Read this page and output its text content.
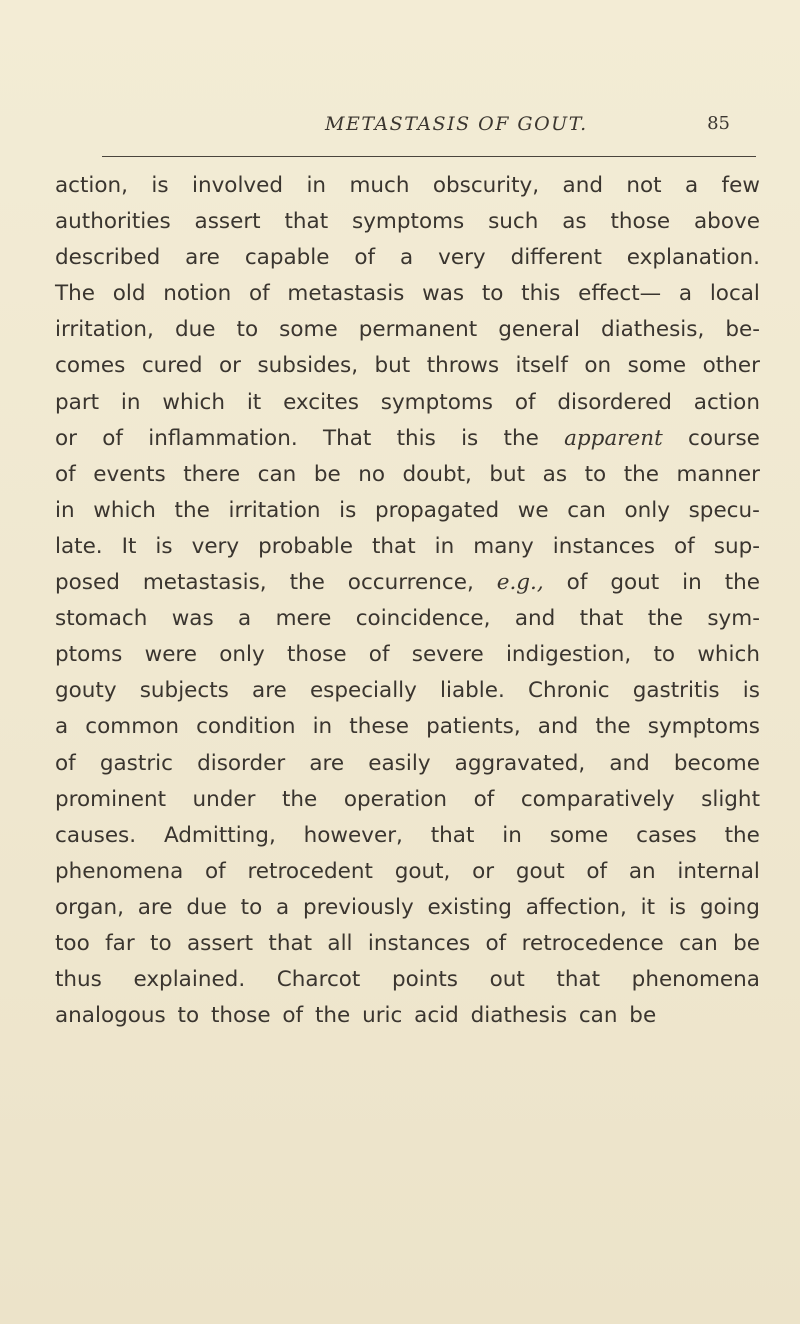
METASTASIS OF GOUT.	85
action, is involved in much obscurity, and not a few
authorities assert that symptoms such as those above
described are capable of a very different explanation.
The old notion of metastasis was to this effect— a local
irritation, due to some permanent general diathesis, be-
comes cured or subsides, but throws itself on some other
part in which it excites symptoms of disordered action
or of inflammation. That this is the apparent course
of events there can be no doubt, but as to the manner
in which the irritation is propagated we can only specu-
late. It is very probable that in many instances of sup-
posed metastasis, the occurrence, e.g., of gout in the
stomach was a mere coincidence, and that the sym-
ptoms were only those of severe indigestion, to which
gouty subjects are especially liable. Chronic gastritis is
a common condition in these patients, and the symptoms
of gastric disorder are easily aggravated, and become
prominent under the operation of comparatively slight
causes. Admitting, however, that in some cases the
phenomena of retrocedent gout, or gout of an internal
organ, are due to a previously existing affection, it is going
too far to assert that all instances of retrocedence can be
thus explained. Charcot points out that phenomena
analogous to those of the uric acid diathesis can be
